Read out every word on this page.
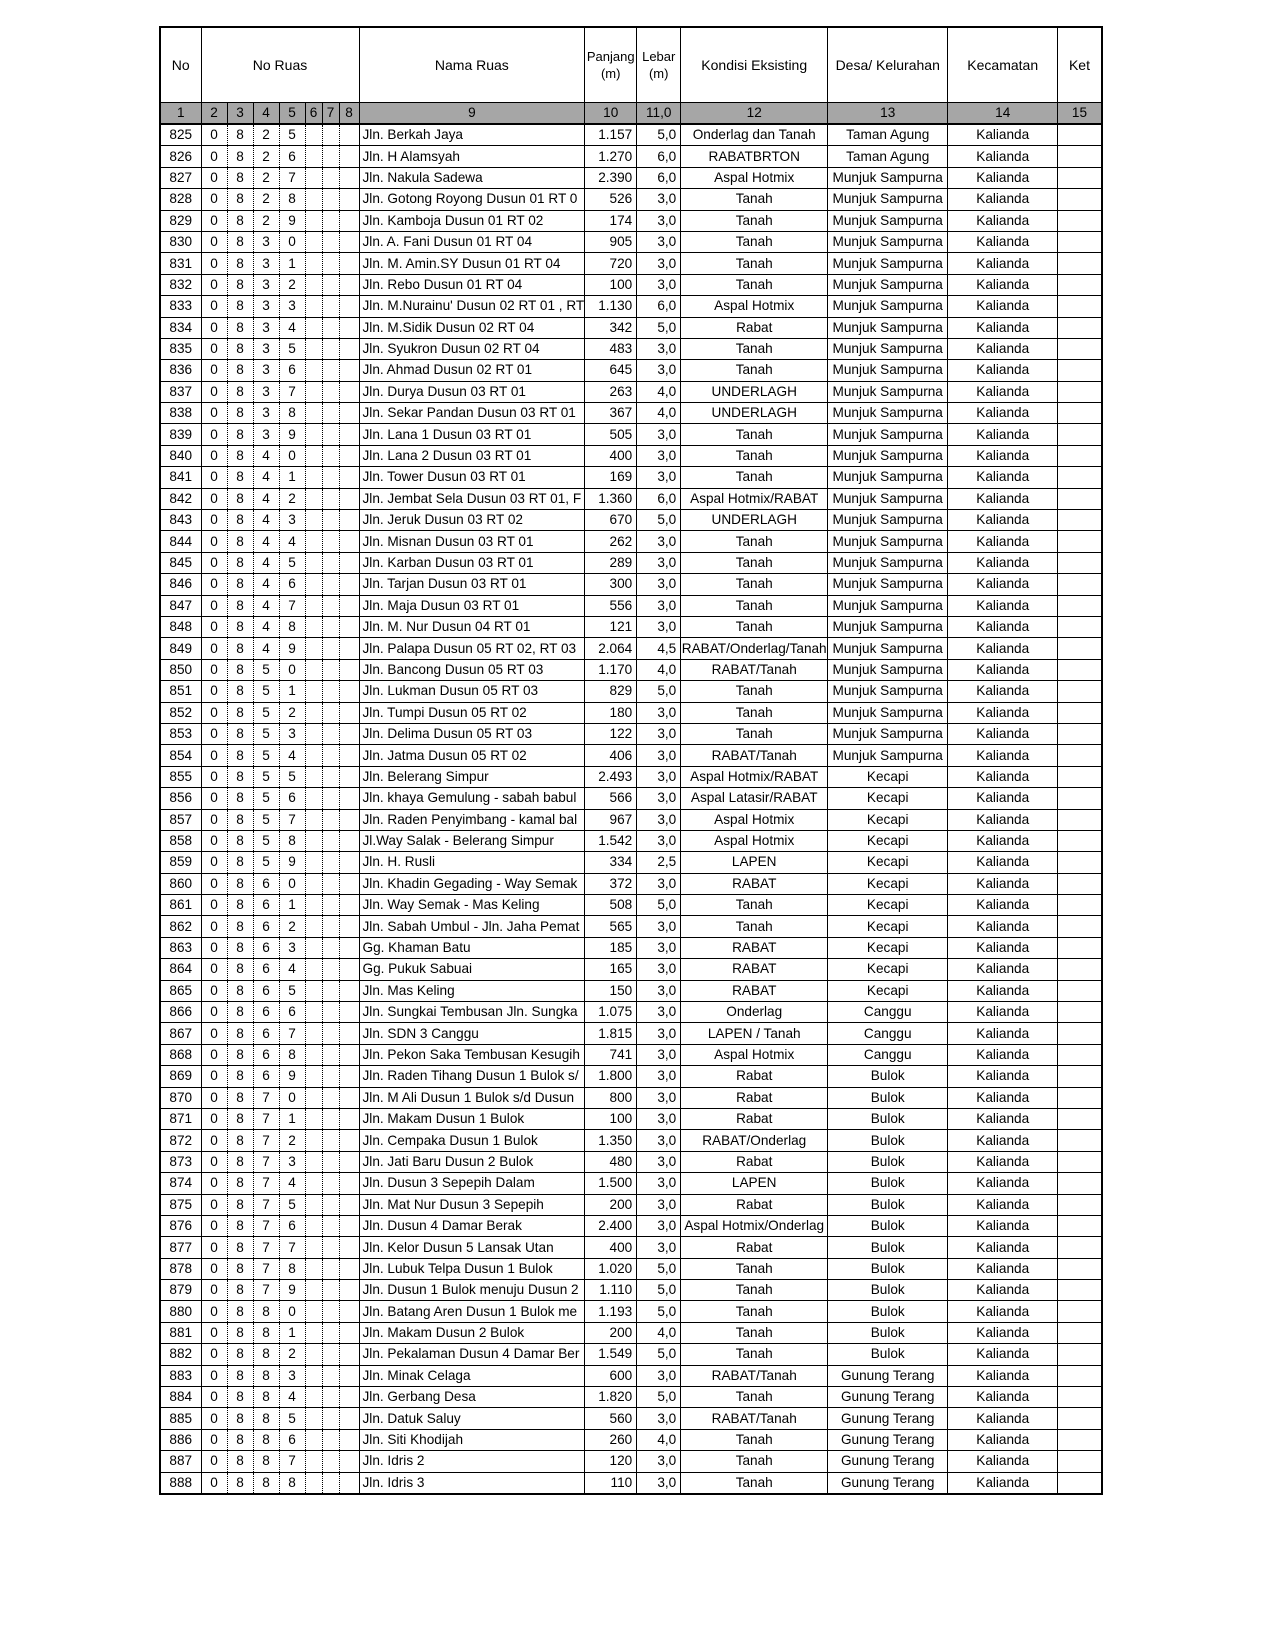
No	No Ruas							Nama Ruas	Panjang (m)	Lebar (m)	Kondisi Eksisting	Desa/ Kelurahan	Kecamatan	Ket
1	2	3	4	5	6	7	8	9	10	11,0	12	13	14	15
825	0	8	2	5				Jln. Berkah Jaya	1.157	5,0	Onderlag dan Tanah	Taman Agung	Kalianda	
826	0	8	2	6				Jln. H Alamsyah	1.270	6,0	RABATBRTON	Taman Agung	Kalianda	
827	0	8	2	7				Jln. Nakula Sadewa	2.390	6,0	Aspal Hotmix	Munjuk Sampurna	Kalianda	
828	0	8	2	8				Jln. Gotong Royong Dusun 01 RT 0	526	3,0	Tanah	Munjuk Sampurna	Kalianda	
829	0	8	2	9				Jln. Kamboja Dusun 01 RT 02	174	3,0	Tanah	Munjuk Sampurna	Kalianda	
830	0	8	3	0				Jln. A. Fani Dusun 01 RT 04	905	3,0	Tanah	Munjuk Sampurna	Kalianda	
831	0	8	3	1				Jln. M. Amin.SY Dusun 01 RT 04	720	3,0	Tanah	Munjuk Sampurna	Kalianda	
832	0	8	3	2				Jln. Rebo Dusun 01 RT 04	100	3,0	Tanah	Munjuk Sampurna	Kalianda	
833	0	8	3	3				Jln. M.Nurainu' Dusun 02 RT 01 , RT	1.130	6,0	Aspal Hotmix	Munjuk Sampurna	Kalianda	
834	0	8	3	4				Jln. M.Sidik Dusun 02 RT 04	342	5,0	Rabat	Munjuk Sampurna	Kalianda	
835	0	8	3	5				Jln. Syukron Dusun 02 RT 04	483	3,0	Tanah	Munjuk Sampurna	Kalianda	
836	0	8	3	6				Jln. Ahmad Dusun 02 RT 01	645	3,0	Tanah	Munjuk Sampurna	Kalianda	
837	0	8	3	7				Jln. Durya Dusun 03 RT 01	263	4,0	UNDERLAGH	Munjuk Sampurna	Kalianda	
838	0	8	3	8				Jln. Sekar Pandan Dusun 03 RT 01	367	4,0	UNDERLAGH	Munjuk Sampurna	Kalianda	
839	0	8	3	9				Jln. Lana 1 Dusun 03 RT 01	505	3,0	Tanah	Munjuk Sampurna	Kalianda	
840	0	8	4	0				Jln. Lana 2 Dusun 03 RT 01	400	3,0	Tanah	Munjuk Sampurna	Kalianda	
841	0	8	4	1				Jln. Tower Dusun 03 RT 01	169	3,0	Tanah	Munjuk Sampurna	Kalianda	
842	0	8	4	2				Jln. Jembat Sela Dusun 03 RT 01, F	1.360	6,0	Aspal Hotmix/RABAT	Munjuk Sampurna	Kalianda	
843	0	8	4	3				Jln. Jeruk Dusun 03 RT 02	670	5,0	UNDERLAGH	Munjuk Sampurna	Kalianda	
844	0	8	4	4				Jln. Misnan Dusun 03 RT 01	262	3,0	Tanah	Munjuk Sampurna	Kalianda	
845	0	8	4	5				Jln. Karban Dusun 03 RT 01	289	3,0	Tanah	Munjuk Sampurna	Kalianda	
846	0	8	4	6				Jln. Tarjan Dusun 03 RT 01	300	3,0	Tanah	Munjuk Sampurna	Kalianda	
847	0	8	4	7				Jln. Maja Dusun 03 RT 01	556	3,0	Tanah	Munjuk Sampurna	Kalianda	
848	0	8	4	8				Jln. M. Nur Dusun 04 RT 01	121	3,0	Tanah	Munjuk Sampurna	Kalianda	
849	0	8	4	9				Jln. Palapa Dusun 05 RT 02, RT 03	2.064	4,5	RABAT/Onderlag/Tanah	Munjuk Sampurna	Kalianda	
850	0	8	5	0				Jln. Bancong Dusun 05 RT 03	1.170	4,0	RABAT/Tanah	Munjuk Sampurna	Kalianda	
851	0	8	5	1				Jln. Lukman Dusun 05 RT 03	829	5,0	Tanah	Munjuk Sampurna	Kalianda	
852	0	8	5	2				Jln. Tumpi Dusun 05 RT 02	180	3,0	Tanah	Munjuk Sampurna	Kalianda	
853	0	8	5	3				Jln. Delima Dusun 05 RT 03	122	3,0	Tanah	Munjuk Sampurna	Kalianda	
854	0	8	5	4				Jln. Jatma Dusun 05 RT 02	406	3,0	RABAT/Tanah	Munjuk Sampurna	Kalianda	
855	0	8	5	5				Jln. Belerang Simpur	2.493	3,0	Aspal Hotmix/RABAT	Kecapi	Kalianda	
856	0	8	5	6				Jln. khaya Gemulung - sabah babul	566	3,0	Aspal Latasir/RABAT	Kecapi	Kalianda	
857	0	8	5	7				Jln. Raden Penyimbang - kamal bal	967	3,0	Aspal Hotmix	Kecapi	Kalianda	
858	0	8	5	8				Jl.Way Salak - Belerang Simpur	1.542	3,0	Aspal Hotmix	Kecapi	Kalianda	
859	0	8	5	9				Jln. H. Rusli	334	2,5	LAPEN	Kecapi	Kalianda	
860	0	8	6	0				Jln. Khadin Gegading - Way Semak	372	3,0	RABAT	Kecapi	Kalianda	
861	0	8	6	1				Jln. Way Semak - Mas Keling	508	5,0	Tanah	Kecapi	Kalianda	
862	0	8	6	2				Jln. Sabah Umbul - Jln. Jaha Pemat	565	3,0	Tanah	Kecapi	Kalianda	
863	0	8	6	3				Gg. Khaman Batu	185	3,0	RABAT	Kecapi	Kalianda	
864	0	8	6	4				Gg. Pukuk Sabuai	165	3,0	RABAT	Kecapi	Kalianda	
865	0	8	6	5				Jln. Mas Keling	150	3,0	RABAT	Kecapi	Kalianda	
866	0	8	6	6				Jln. Sungkai Tembusan Jln. Sungka	1.075	3,0	Onderlag	Canggu	Kalianda	
867	0	8	6	7				Jln. SDN 3 Canggu	1.815	3,0	LAPEN / Tanah	Canggu	Kalianda	
868	0	8	6	8				Jln. Pekon Saka Tembusan Kesugih	741	3,0	Aspal Hotmix	Canggu	Kalianda	
869	0	8	6	9				Jln. Raden Tihang Dusun 1 Bulok s/	1.800	3,0	Rabat	Bulok	Kalianda	
870	0	8	7	0				Jln. M Ali Dusun 1 Bulok s/d Dusun	800	3,0	Rabat	Bulok	Kalianda	
871	0	8	7	1				Jln. Makam Dusun 1 Bulok	100	3,0	Rabat	Bulok	Kalianda	
872	0	8	7	2				Jln. Cempaka Dusun 1 Bulok	1.350	3,0	RABAT/Onderlag	Bulok	Kalianda	
873	0	8	7	3				Jln. Jati Baru Dusun 2 Bulok	480	3,0	Rabat	Bulok	Kalianda	
874	0	8	7	4				Jln. Dusun 3 Sepepih Dalam	1.500	3,0	LAPEN	Bulok	Kalianda	
875	0	8	7	5				Jln. Mat Nur Dusun 3 Sepepih	200	3,0	Rabat	Bulok	Kalianda	
876	0	8	7	6				Jln. Dusun 4 Damar Berak	2.400	3,0	Aspal Hotmix/Onderlag	Bulok	Kalianda	
877	0	8	7	7				Jln. Kelor Dusun 5 Lansak Utan	400	3,0	Rabat	Bulok	Kalianda	
878	0	8	7	8				Jln. Lubuk Telpa Dusun 1 Bulok	1.020	5,0	Tanah	Bulok	Kalianda	
879	0	8	7	9				Jln. Dusun 1 Bulok menuju Dusun 2	1.110	5,0	Tanah	Bulok	Kalianda	
880	0	8	8	0				Jln. Batang Aren Dusun 1 Bulok me	1.193	5,0	Tanah	Bulok	Kalianda	
881	0	8	8	1				Jln. Makam Dusun 2 Bulok	200	4,0	Tanah	Bulok	Kalianda	
882	0	8	8	2				Jln. Pekalaman Dusun 4 Damar Ber	1.549	5,0	Tanah	Bulok	Kalianda	
883	0	8	8	3				Jln. Minak Celaga	600	3,0	RABAT/Tanah	Gunung Terang	Kalianda	
884	0	8	8	4				Jln. Gerbang Desa	1.820	5,0	Tanah	Gunung Terang	Kalianda	
885	0	8	8	5				Jln. Datuk Saluy	560	3,0	RABAT/Tanah	Gunung Terang	Kalianda	
886	0	8	8	6				Jln. Siti Khodijah	260	4,0	Tanah	Gunung Terang	Kalianda	
887	0	8	8	7				Jln. Idris 2	120	3,0	Tanah	Gunung Terang	Kalianda	
888	0	8	8	8				Jln. Idris 3	110	3,0	Tanah	Gunung Terang	Kalianda	
